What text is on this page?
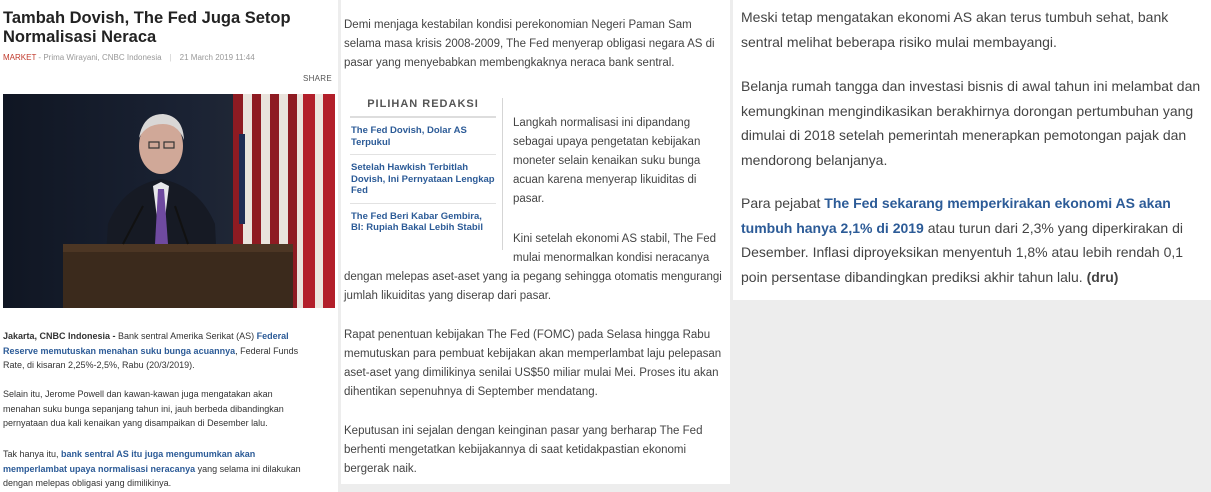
Tambah Dovish, The Fed Juga Setop Normalisasi Neraca
MARKET - Prima Wirayani, CNBC Indonesia | 21 March 2019 11:44
SHARE
Jakarta, CNBC Indonesia - Bank sentral Amerika Serikat (AS) Federal Reserve memutuskan menahan suku bunga acuannya, Federal Funds Rate, di kisaran 2,25%-2,5%, Rabu (20/3/2019).
Selain itu, Jerome Powell dan kawan-kawan juga mengatakan akan menahan suku bunga sepanjang tahun ini, jauh berbeda dibandingkan pernyataan dua kali kenaikan yang disampaikan di Desember lalu.
Tak hanya itu, bank sentral AS itu juga mengumumkan akan memperlambat upaya normalisasi neracanya yang selama ini dilakukan dengan melepas obligasi yang dimilikinya.
Demi menjaga kestabilan kondisi perekonomian Negeri Paman Sam selama masa krisis 2008-2009, The Fed menyerap obligasi negara AS di pasar yang menyebabkan membengkaknya neraca bank sentral.
PILIHAN REDAKSI
The Fed Dovish, Dolar AS Terpukul
Setelah Hawkish Terbitlah Dovish, Ini Pernyataan Lengkap Fed
The Fed Beri Kabar Gembira, BI: Rupiah Bakal Lebih Stabil
Langkah normalisasi ini dipandang sebagai upaya pengetatan kebijakan moneter selain kenaikan suku bunga acuan karena menyerap likuiditas di pasar.
Kini setelah ekonomi AS stabil, The Fed mulai menormalkan kondisi neracanya
dengan melepas aset-aset yang ia pegang sehingga otomatis mengurangi jumlah likuiditas yang diserap dari pasar.
Rapat penentuan kebijakan The Fed (FOMC) pada Selasa hingga Rabu memutuskan para pembuat kebijakan akan memperlambat laju pelepasan aset-aset yang dimilikinya senilai US$50 miliar mulai Mei. Proses itu akan dihentikan sepenuhnya di September mendatang.
Keputusan ini sejalan dengan keinginan pasar yang berharap The Fed berhenti mengetatkan kebijakannya di saat ketidakpastian ekonomi bergerak naik.
Meski tetap mengatakan ekonomi AS akan terus tumbuh sehat, bank sentral melihat beberapa risiko mulai membayangi.
Belanja rumah tangga dan investasi bisnis di awal tahun ini melambat dan kemungkinan mengindikasikan berakhirnya dorongan pertumbuhan yang dimulai di 2018 setelah pemerintah menerapkan pemotongan pajak dan mendorong belanjanya.
Para pejabat The Fed sekarang memperkirakan ekonomi AS akan tumbuh hanya 2,1% di 2019 atau turun dari 2,3% yang diperkirakan di Desember. Inflasi diproyeksikan menyentuh 1,8% atau lebih rendah 0,1 poin persentase dibandingkan prediksi akhir tahun lalu. (dru)
